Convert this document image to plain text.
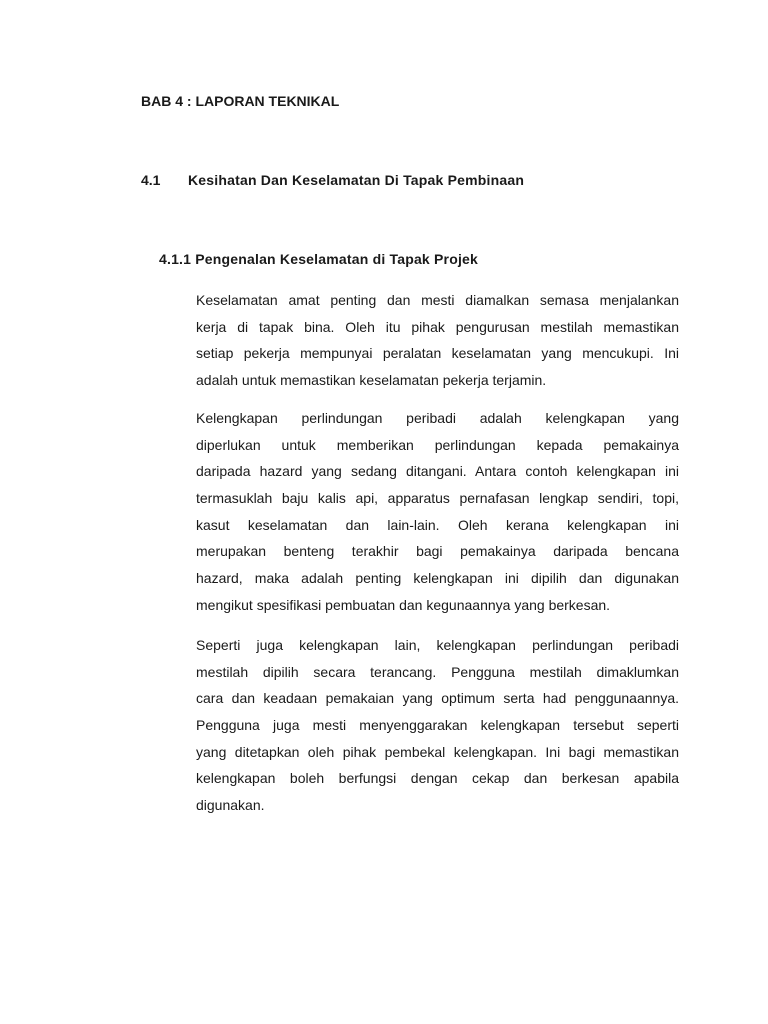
BAB 4 : LAPORAN TEKNIKAL
4.1 Kesihatan Dan Keselamatan Di Tapak Pembinaan
4.1.1 Pengenalan Keselamatan di Tapak Projek
Keselamatan amat penting dan mesti diamalkan semasa menjalankan
kerja di tapak bina. Oleh itu pihak pengurusan mestilah memastikan
setiap pekerja mempunyai peralatan keselamatan yang mencukupi. Ini
adalah untuk memastikan keselamatan pekerja terjamin.
Kelengkapan perlindungan peribadi adalah kelengkapan yang
diperlukan untuk memberikan perlindungan kepada pemakainya
daripada hazard yang sedang ditangani. Antara contoh kelengkapan ini
termasuklah baju kalis api, apparatus pernafasan lengkap sendiri, topi,
kasut keselamatan dan lain-lain. Oleh kerana kelengkapan ini
merupakan benteng terakhir bagi pemakainya daripada bencana
hazard, maka adalah penting kelengkapan ini dipilih dan digunakan
mengikut spesifikasi pembuatan dan kegunaannya yang berkesan.
Seperti juga kelengkapan lain, kelengkapan perlindungan peribadi
mestilah dipilih secara terancang. Pengguna mestilah dimaklumkan
cara dan keadaan pemakaian yang optimum serta had penggunaannya.
Pengguna juga mesti menyenggarakan kelengkapan tersebut seperti
yang ditetapkan oleh pihak pembekal kelengkapan. Ini bagi memastikan
kelengkapan boleh berfungsi dengan cekap dan berkesan apabila
digunakan.
